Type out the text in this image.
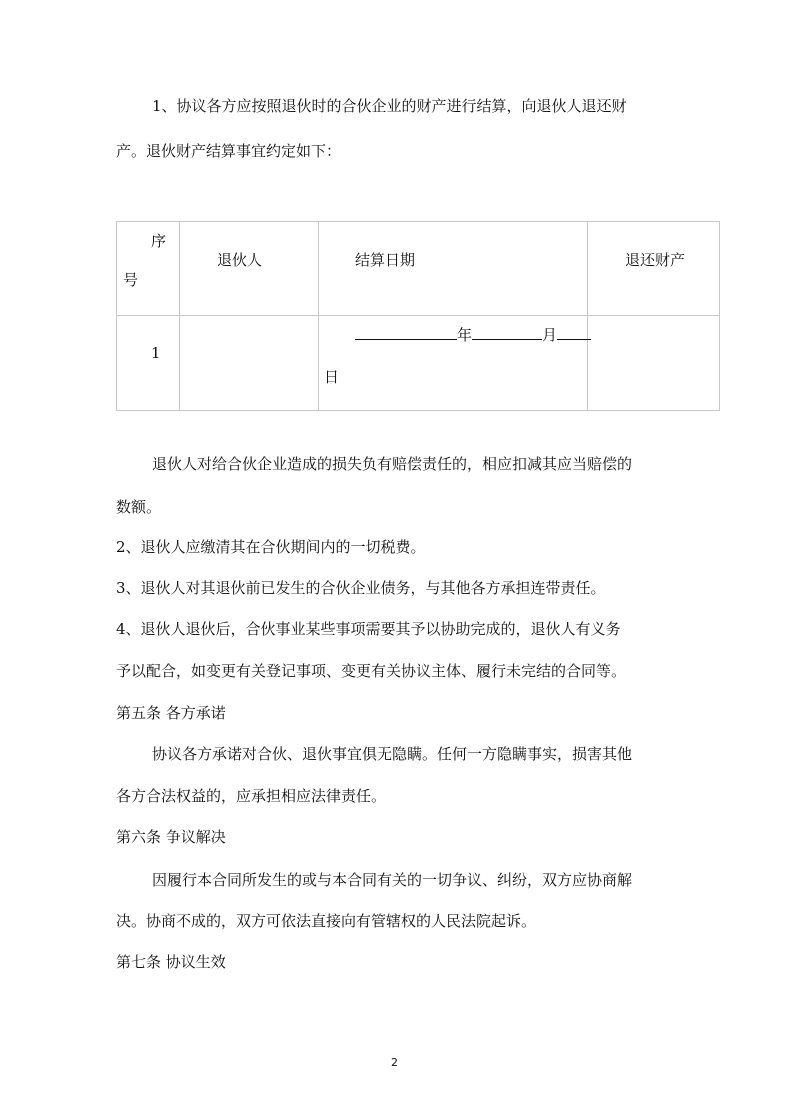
1、协议各方应按照退伙时的合伙企业的财产进行结算，向退伙人退还财
产。退伙财产结算事宜约定如下：
序
号	退伙人	结算日期	退还财产

1		年 月
日	

退伙人对给合伙企业造成的损失负有赔偿责任的，相应扣减其应当赔偿的
数额。
2、退伙人应缴清其在合伙期间内的一切税费。
3、退伙人对其退伙前已发生的合伙企业债务，与其他各方承担连带责任。
4、退伙人退伙后，合伙事业某些事项需要其予以协助完成的，退伙人有义务
予以配合，如变更有关登记事项、变更有关协议主体、履行未完结的合同等。
第五条 各方承诺
协议各方承诺对合伙、退伙事宜俱无隐瞒。任何一方隐瞒事实，损害其他
各方合法权益的，应承担相应法律责任。
第六条 争议解决
因履行本合同所发生的或与本合同有关的一切争议、纠纷，双方应协商解
决。协商不成的，双方可依法直接向有管辖权的人民法院起诉。
第七条 协议生效
2
